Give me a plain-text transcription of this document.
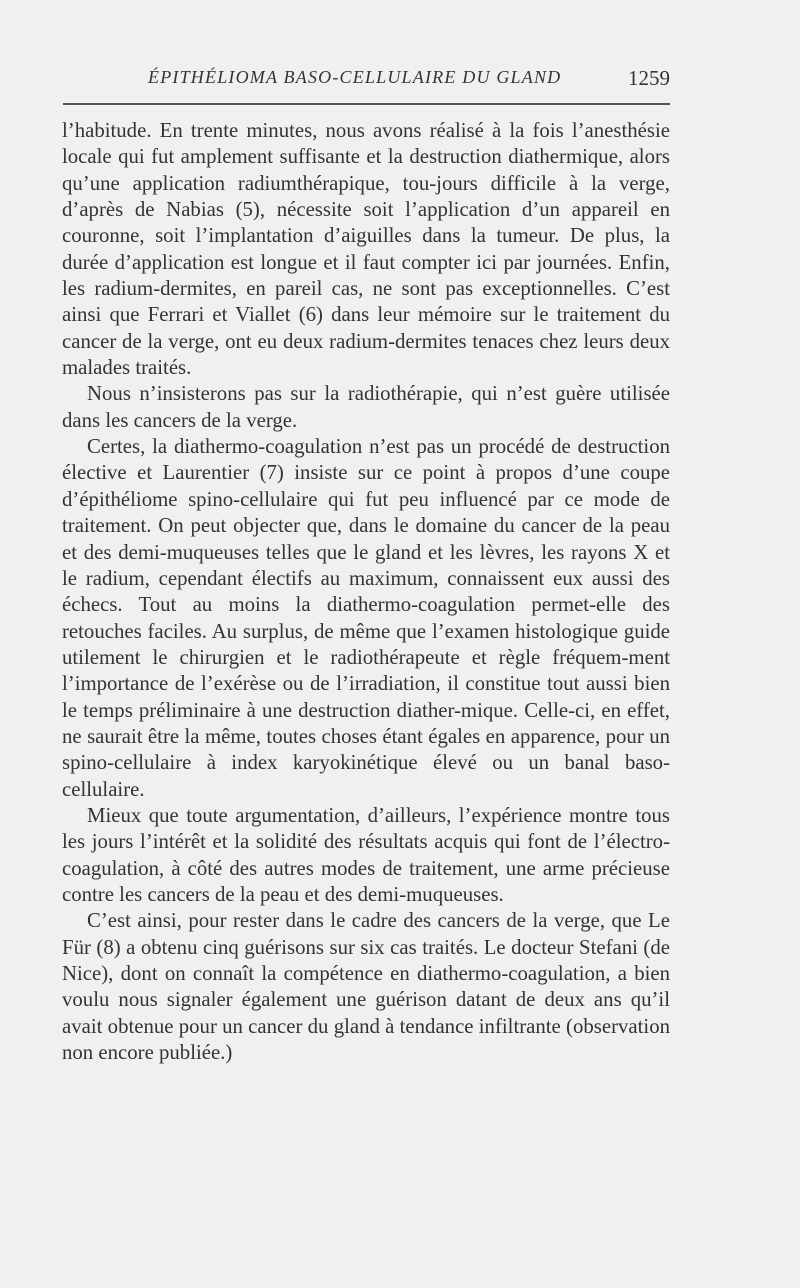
ÉPITHÉLIOMA BASO-CELLULAIRE DU GLAND	1259

l’habitude. En trente minutes, nous avons réalisé à la fois l’anesthésie locale qui fut amplement suffisante et la destruction diathermique, alors qu’une application radiumthérapique, tou-jours difficile à la verge, d’après de Nabias (5), nécessite soit l’application d’un appareil en couronne, soit l’implantation d’aiguilles dans la tumeur. De plus, la durée d’application est longue et il faut compter ici par journées. Enfin, les radium-dermites, en pareil cas, ne sont pas exceptionnelles. C’est ainsi que Ferrari et Viallet (6) dans leur mémoire sur le traitement du cancer de la verge, ont eu deux radium-dermites tenaces chez leurs deux malades traités.

Nous n’insisterons pas sur la radiothérapie, qui n’est guère utilisée dans les cancers de la verge.

Certes, la diathermo-coagulation n’est pas un procédé de destruction élective et Laurentier (7) insiste sur ce point à propos d’une coupe d’épithéliome spino-cellulaire qui fut peu influencé par ce mode de traitement. On peut objecter que, dans le domaine du cancer de la peau et des demi-muqueuses telles que le gland et les lèvres, les rayons X et le radium, cependant électifs au maximum, connaissent eux aussi des échecs. Tout au moins la diathermo-coagulation permet-elle des retouches faciles. Au surplus, de même que l’examen histologique guide utilement le chirurgien et le radiothérapeute et règle fréquem-ment l’importance de l’exérèse ou de l’irradiation, il constitue tout aussi bien le temps préliminaire à une destruction diather-mique. Celle-ci, en effet, ne saurait être la même, toutes choses étant égales en apparence, pour un spino-cellulaire à index karyokinétique élevé ou un banal baso-cellulaire.

Mieux que toute argumentation, d’ailleurs, l’expérience montre tous les jours l’intérêt et la solidité des résultats acquis qui font de l’électro-coagulation, à côté des autres modes de traitement, une arme précieuse contre les cancers de la peau et des demi-muqueuses.

C’est ainsi, pour rester dans le cadre des cancers de la verge, que Le Für (8) a obtenu cinq guérisons sur six cas traités. Le docteur Stefani (de Nice), dont on connaît la compétence en diathermo-coagulation, a bien voulu nous signaler également une guérison datant de deux ans qu’il avait obtenue pour un cancer du gland à tendance infiltrante (observation non encore publiée.)
